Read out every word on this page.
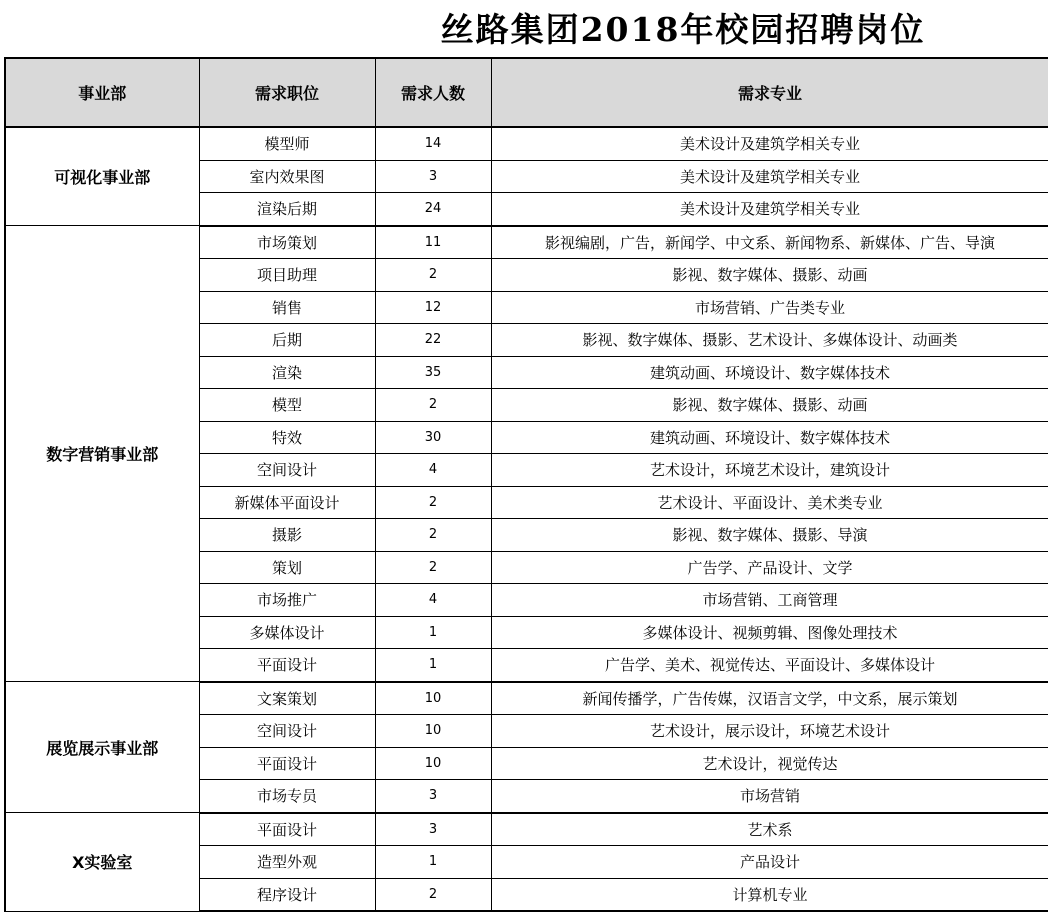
丝路集团2018年校园招聘岗位
事业部	需求职位	需求人数	需求专业
可视化事业部	模型师	14	美术设计及建筑学相关专业
	室内效果图	3	美术设计及建筑学相关专业
	渲染后期	24	美术设计及建筑学相关专业
数字营销事业部	市场策划	11	影视编剧，广告，新闻学、中文系、新闻物系、新媒体、广告、导演
	项目助理	2	影视、数字媒体、摄影、动画
	销售	12	市场营销、广告类专业
	后期	22	影视、数字媒体、摄影、艺术设计、多媒体设计、动画类
	渲染	35	建筑动画、环境设计、数字媒体技术
	模型	2	影视、数字媒体、摄影、动画
	特效	30	建筑动画、环境设计、数字媒体技术
	空间设计	4	艺术设计，环境艺术设计，建筑设计
	新媒体平面设计	2	艺术设计、平面设计、美术类专业
	摄影	2	影视、数字媒体、摄影、导演
	策划	2	广告学、产品设计、文学
	市场推广	4	市场营销、工商管理
	多媒体设计	1	多媒体设计、视频剪辑、图像处理技术
	平面设计	1	广告学、美术、视觉传达、平面设计、多媒体设计
展览展示事业部	文案策划	10	新闻传播学，广告传媒，汉语言文学，中文系，展示策划
	空间设计	10	艺术设计，展示设计，环境艺术设计
	平面设计	10	艺术设计，视觉传达
	市场专员	3	市场营销
X实验室	平面设计	3	艺术系
	造型外观	1	产品设计
	程序设计	2	计算机专业
